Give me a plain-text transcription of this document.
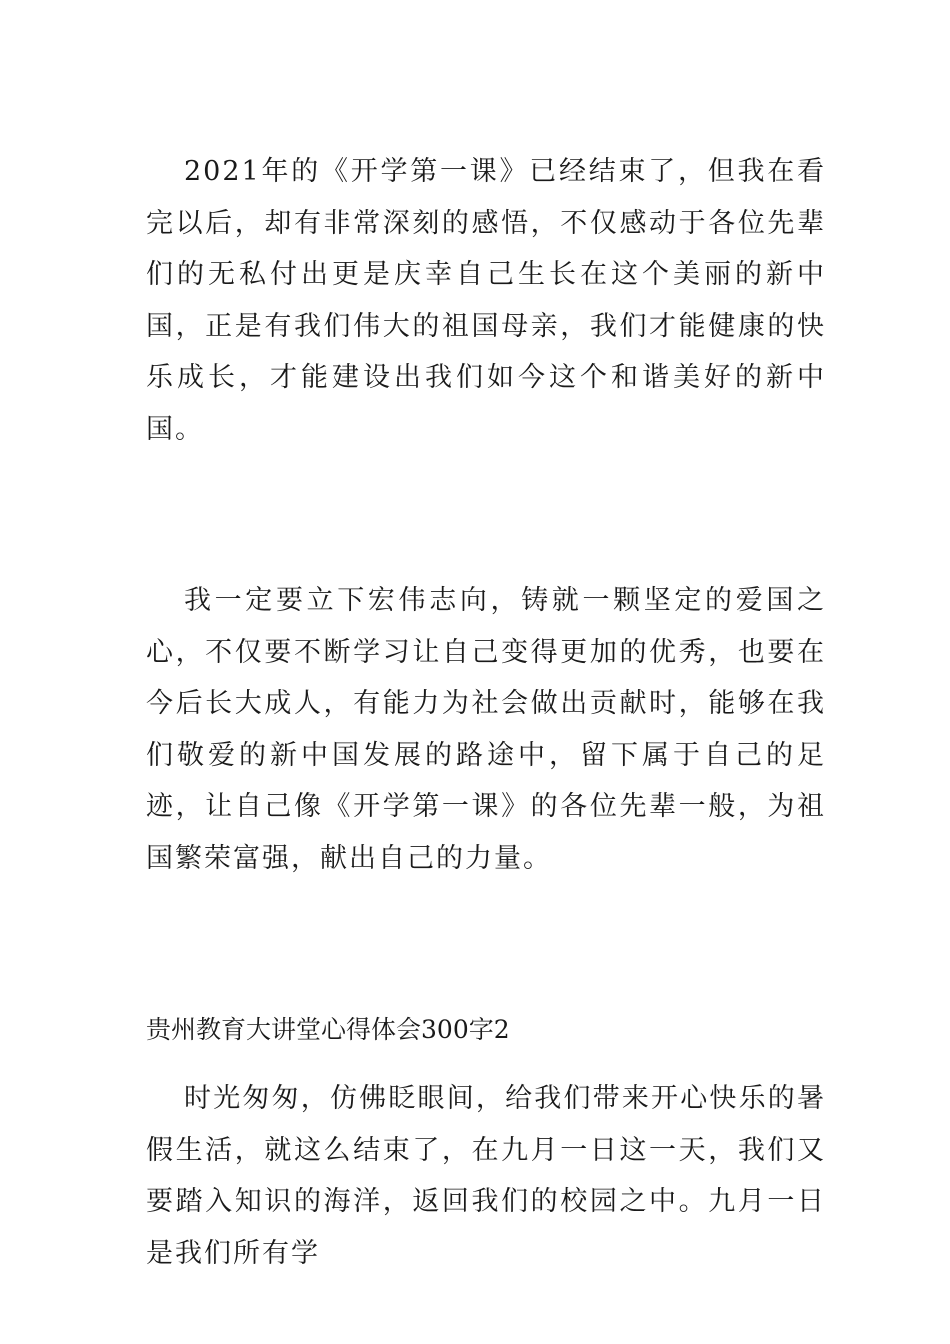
2021年的《开学第一课》已经结束了，但我在看完以后，却有非常深刻的感悟，不仅感动于各位先辈们的无私付出更是庆幸自己生长在这个美丽的新中国，正是有我们伟大的祖国母亲，我们才能健康的快乐成长，才能建设出我们如今这个和谐美好的新中国。

我一定要立下宏伟志向，铸就一颗坚定的爱国之心，不仅要不断学习让自己变得更加的优秀，也要在今后长大成人，有能力为社会做出贡献时，能够在我们敬爱的新中国发展的路途中，留下属于自己的足迹，让自己像《开学第一课》的各位先辈一般，为祖国繁荣富强，献出自己的力量。

贵州教育大讲堂心得体会300字2

时光匆匆，仿佛眨眼间，给我们带来开心快乐的暑假生活，就这么结束了，在九月一日这一天，我们又要踏入知识的海洋，返回我们的校园之中。九月一日是我们所有学
